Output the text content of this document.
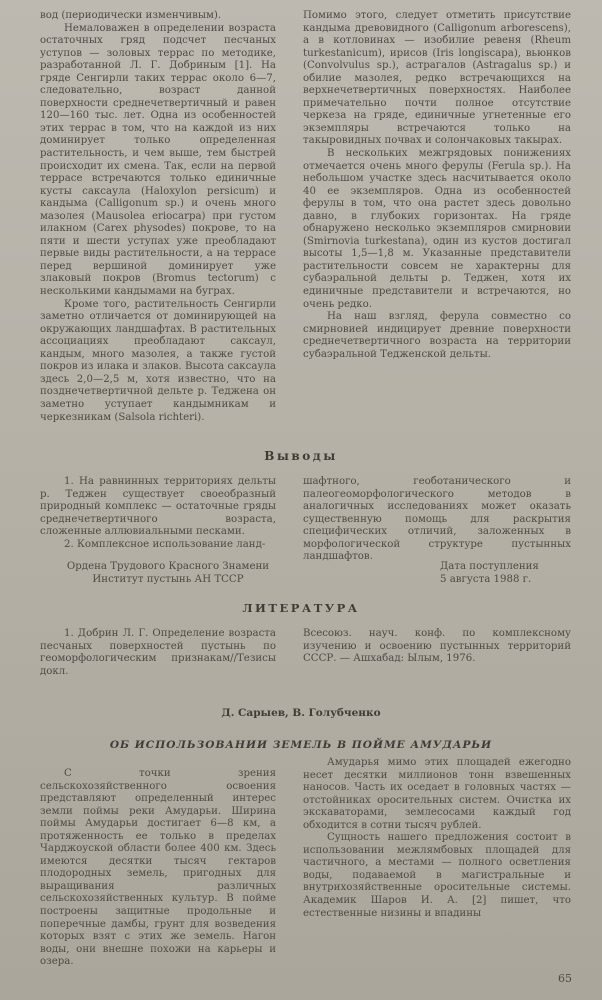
вод (периодически изменчивым).

Немаловажен в определении возраста остаточных гряд подсчет песчаных уступов — золовых террас по методике, разработанной Л. Г. Добриным [1]. На гряде Сенгирли таких террас около 6—7, следовательно, возраст данной поверхности среднечетвертичный и равен 120—160 тыс. лет. Одна из особенностей этих террас в том, что на каждой из них доминирует только определенная растительность, и чем выше, тем быстрей происходит их смена. Так, если на первой террасе встречаются только единичные кусты саксаула (Haloxylon persicum) и кандыма (Calligonum sp.) и очень много мазолея (Mausolea eriocarpa) при густом илакном (Carex physodes) покрове, то на пяти и шести уступах уже преобладают первые виды растительности, а на террасе перед вершиной доминирует уже злаковый покров (Bromus tectorum) с несколькими кандымами на буграх.

Кроме того, растительность Сенгирли заметно отличается от доминирующей на окружающих ландшафтах. В растительных ассоциациях преобладают саксаул, кандым, много мазолея, а также густой покров из илака и злаков. Высота саксаула здесь 2,0—2,5 м, хотя известно, что на позднечетвертичной дельте р. Теджена он заметно уступает кандымникам и черкезникам (Salsola richteri).

Помимо этого, следует отметить присутствие кандыма древовидного (Calligonum arborescens), а в котловинах — изобилие ревеня (Rheum turkestanicum), ирисов (Iris longiscapa), вьюнков (Convolvulus sp.), астрагалов (Astragalus sp.) и обилие мазолея, редко встречающихся на верхнечетвертичных поверхностях. Наиболее примечательно почти полное отсутствие черкеза на гряде, единичные угнетенные его экземпляры встречаются только на такыровидных почвах и солончаковых такырах.

В нескольких межгрядовых понижениях отмечается очень много ферулы (Ferula sp.). На небольшом участке здесь насчитывается около 40 ее экземпляров. Одна из особенностей ферулы в том, что она растет здесь довольно давно, в глубоких горизонтах. На гряде обнаружено несколько экземпляров смирновии (Smirnovia turkestana), один из кустов достигал высоты 1,5—1,8 м. Указанные представители растительности совсем не характерны для субаэральной дельты р. Теджен, хотя их единичные представители и встречаются, но очень редко.

На наш взгляд, ферула совместно со смирновией индицирует древние поверхности среднечетвертичного возраста на территории субаэральной Тедженской дельты.

Выводы

1. На равнинных территориях дельты р. Теджен существует своеобразный природный комплекс — остаточные гряды среднечетвертичного возраста, сложенные аллювиальными песками.

2. Комплексное использование ланд-

шафтного, геоботанического и палеогеоморфологического методов в аналогичных исследованиях может оказать существенную помощь для раскрытия специфических отличий, заложенных в морфологической структуре пустынных ландшафтов.

Ордена Трудового Красного Знамени
Институт пустынь АН ТССР
Дата поступления
5 августа 1988 г.
ЛИТЕРАТУРА

1. Добрин Л. Г. Определение возраста песчаных поверхностей пустынь по геоморфологическим признакам//Тезисы докл.

Всесоюз. науч. конф. по комплексному изучению и освоению пустынных территорий СССР. — Ашхабад: Ылым, 1976.

Д. Сарыев, В. Голубченко
ОБ ИСПОЛЬЗОВАНИИ ЗЕМЕЛЬ В ПОЙМЕ АМУДАРЬИ

С точки зрения сельскохозяйственного освоения представляют определенный интерес земли поймы реки Амударьи. Ширина поймы Амударьи достигает 6—8 км, а протяженность ее только в пределах Чарджоуской области более 400 км. Здесь имеются десятки тысяч гектаров плодородных земель, пригодных для выращивания различных сельскохозяйственных культур. В пойме построены защитные продольные и поперечные дамбы, грунт для возведения которых взят с этих же земель. Нагон воды, они внешне похожи на карьеры и озера.

Амударья мимо этих площадей ежегодно несет десятки миллионов тонн взвешенных наносов. Часть их оседает в головных частях — отстойниках оросительных систем. Очистка их экскаваторами, землесосами каждый год обходится в сотни тысяч рублей.

Сущность нашего предложения состоит в использовании межлямбовых площадей для частичного, а местами — полного осветления воды, подаваемой в магистральные и внутрихозяйственные оросительные системы. Академик Шаров И. А. [2] пишет, что естественные низины и впадины

65
